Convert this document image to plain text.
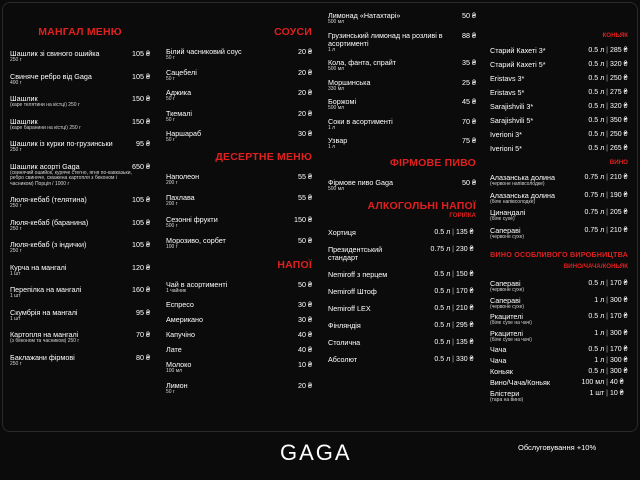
МАНГАЛ МЕНЮ
Шашлик зі свиного ошийка
250 г
105 ₴
Свиняче ребро від Gaga
400 г
105 ₴
Шашлик
(каре телятини на кістці) 250 г
150 ₴
Шашлик
(каре баранини на кістці) 250 г
150 ₴
Шашлик із курки по-грузинськи
250 г
95 ₴
Шашлик асорті Gaga
(свинячий ошийок, куряче стегно, ягня по-кавказьки, ребро свиняче, смажена картопля з беконом і часником) Порція / 1000 г
650 ₴
Люля-кебаб (телятина)
250 г
105 ₴
Люля-кебаб (баранина)
250 г
105 ₴
Люля-кебаб (з індички)
250 г
105 ₴
Курча на мангалі
1 шт
120 ₴
Перепілка на мангалі
1 шт
160 ₴
Скумбрія на мангалі
1 шт
95 ₴
Картопля на мангалі
(з беконом та часником) 250 г
70 ₴
Баклажани фірмові
250 г
80 ₴
СОУСИ
Білий часниковий соус
50 г
20 ₴
Сацебелі
50 г
20 ₴
Аджика
50 г
20 ₴
Ткемалі
50 г
20 ₴
Наршараб
50 г
30 ₴
ДЕСЕРТНЕ МЕНЮ
Наполеон
200 г
55 ₴
Пахлава
200 г
55 ₴
Сезонні фрукти
500 г
150 ₴
Морозиво, сорбет
100 г
50 ₴
НАПОЇ
Чай в асортименті
1 чайник
50 ₴
Еспресо	30 ₴
Американо	30 ₴
Капучіно	40 ₴
Лате	40 ₴
Молоко
100 мл
10 ₴
Лимон
50 г
20 ₴
Лимонад «Натахтарі»
500 мл
50 ₴
Грузинський лимонад на розливі в асортименті
1 л
88 ₴
Кола, фанта, спрайт
500 мл
35 ₴
Моршинська
330 мл
25 ₴
Боржомі
500 мл
45 ₴
Соки в асортименті
1 л
70 ₴
Узвар
1 л
75 ₴
ФІРМОВЕ ПИВО
Фірмове пиво Gaga
500 мл
50 ₴
АЛКОГОЛЬНІ НАПОЇ
ГОРІЛКА
Хортиця	0.5 л | 135 ₴
Президентський стандарт
0.75 л | 230 ₴
Nemiroff з перцем	0.5 л | 150 ₴
Nemiroff Штоф	0.5 л | 170 ₴
Nemiroff LEX	0.5 л | 210 ₴
Фінляндія	0.5 л | 295 ₴
Столична	0.5 л | 135 ₴
Абсолют	0.5 л | 330 ₴
КОНЬЯК
Старий Кахеті 3*	0.5 л | 285 ₴
Старий Кахеті 5*	0.5 л | 320 ₴
Eristavs 3*	0.5 л | 250 ₴
Eristavs 5*	0.5 л | 275 ₴
Sarajishvili 3*	0.5 л | 320 ₴
Sarajishvili 5*	0.5 л | 350 ₴
Iverioni 3*	0.5 л | 250 ₴
Iverioni 5*	0.5 л | 265 ₴
ВИНО
Алазанська долина
(червоне напівсолодке)
0.75 л | 210 ₴
Алазанська долина
(біле напівсолодке)
0.75 л | 190 ₴
Цинандалі
(біле сухе)
0.75 л | 205 ₴
Сапераві
(червоне сухе)
0.75 л | 210 ₴
ВИНО ОСОБЛИВОГО ВИРОБНИЦТВА
ВИНО/ЧАЧА/КОНЬЯК
Сапераві
(червоне сухе)
0.5 л | 170 ₴
Сапераві
(червоне сухе)
1 л | 300 ₴
Ркацителі
(біле сухе на чачі)
0.5 л | 170 ₴
Ркацителі
(біле сухе на чачі)
1 л | 300 ₴
Чача	0.5 л | 170 ₴
Чача	1 л | 300 ₴
Коньяк	0.5 л | 300 ₴
Вино/Чача/Коньяк	100 мл | 40 ₴
Блістери
(тара на вино)
1 шт | 10 ₴
GAGA	Обслуговування +10%
